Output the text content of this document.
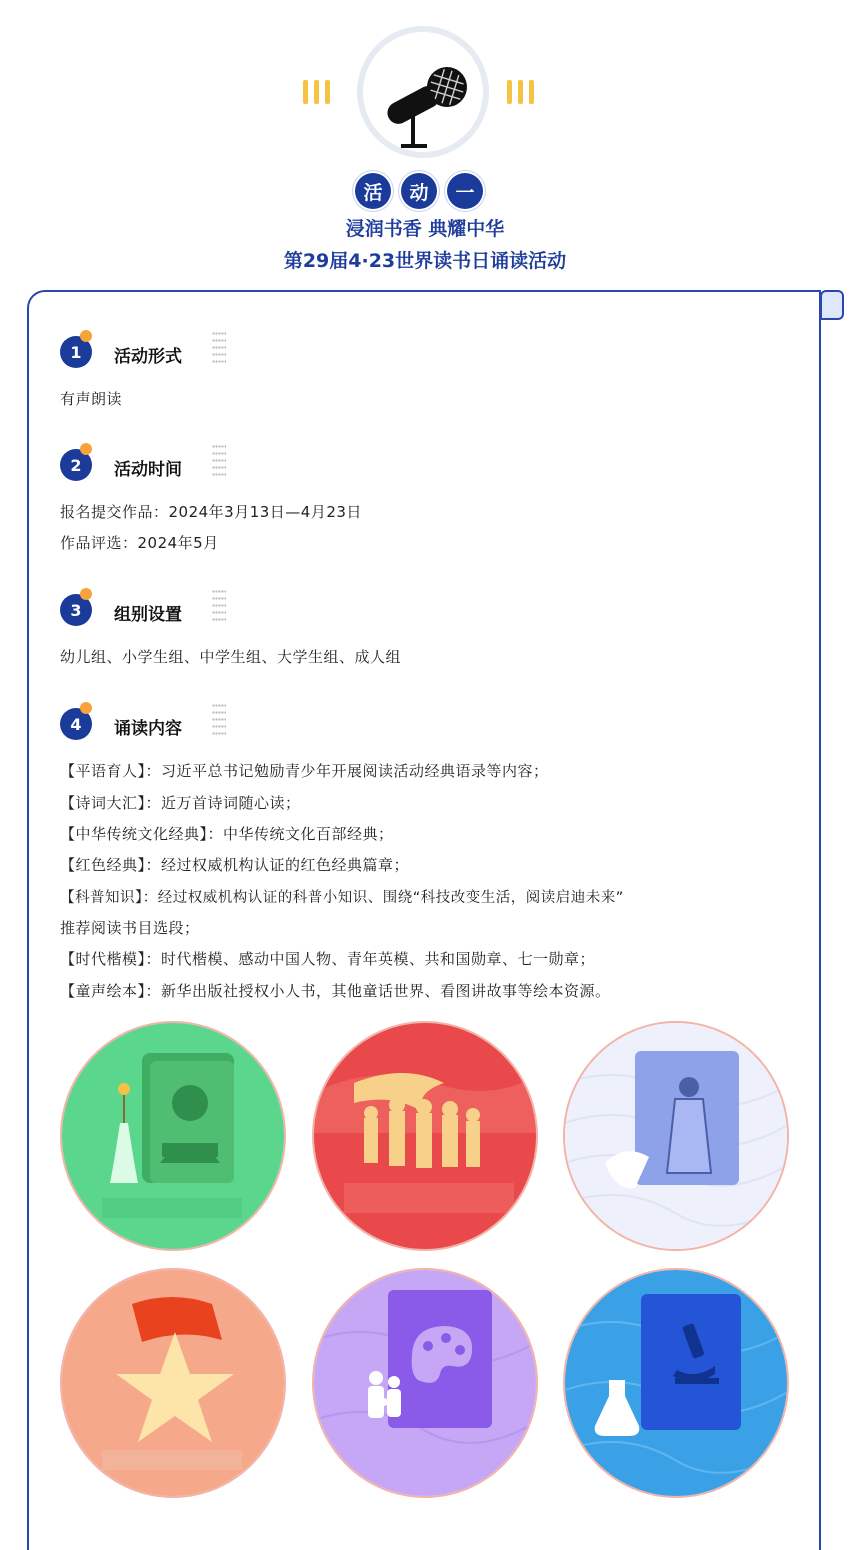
活	动	一
浸润书香 典耀中华
第29届4·23世界读书日诵读活动
1	活动形式
有声朗读
2	活动时间
报名提交作品：2024年3月13日—4月23日
作品评选：2024年5月
3	组别设置
幼儿组、小学生组、中学生组、大学生组、成人组
4	诵读内容
【平语育人】：习近平总书记勉励青少年开展阅读活动经典语录等内容；
【诗词大汇】：近万首诗词随心读；
【中华传统文化经典】：中华传统文化百部经典；
【红色经典】：经过权威机构认证的红色经典篇章；
【科普知识】：经过权威机构认证的科普小知识、围绕“科技改变生活，阅读启迪未来”
推荐阅读书目选段；
【时代楷模】：时代楷模、感动中国人物、青年英模、共和国勋章、七一勋章；
【童声绘本】：新华出版社授权小人书，其他童话世界、看图讲故事等绘本资源。
